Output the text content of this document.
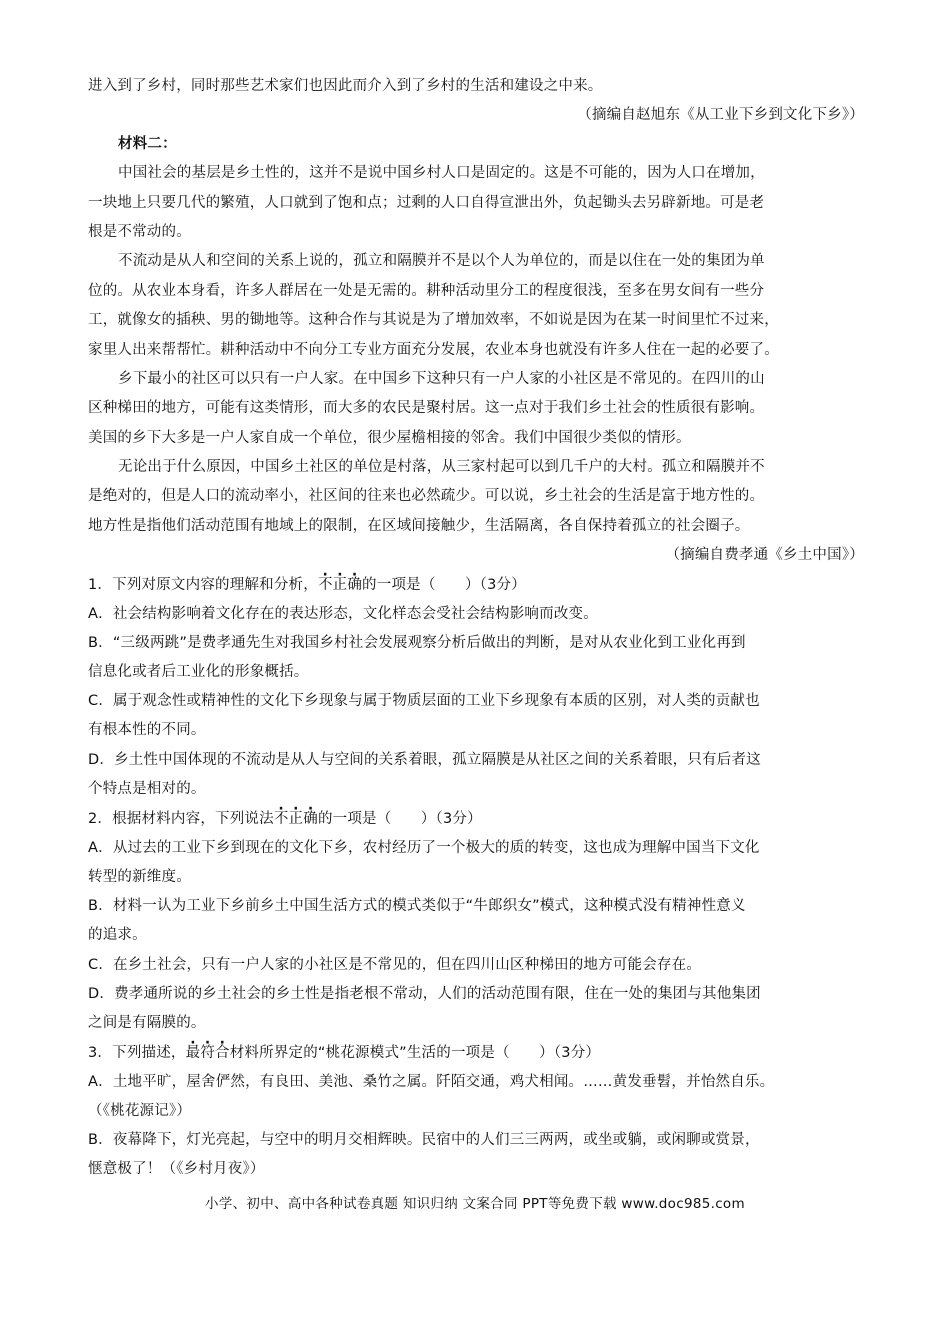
进入到了乡村，同时那些艺术家们也因此而介入到了乡村的生活和建设之中来。
（摘编自赵旭东《从工业下乡到文化下乡》）
材料二：
中国社会的基层是乡土性的，这并不是说中国乡村人口是固定的。这是不可能的，因为人口在增加，
一块地上只要几代的繁殖，人口就到了饱和点；过剩的人口自得宣泄出外，负起锄头去另辟新地。可是老
根是不常动的。
不流动是从人和空间的关系上说的，孤立和隔膜并不是以个人为单位的，而是以住在一处的集团为单
位的。从农业本身看，许多人群居在一处是无需的。耕种活动里分工的程度很浅，至多在男女间有一些分
工，就像女的插秧、男的锄地等。这种合作与其说是为了增加效率，不如说是因为在某一时间里忙不过来，
家里人出来帮帮忙。耕种活动中不向分工专业方面充分发展，农业本身也就没有许多人住在一起的必要了。
乡下最小的社区可以只有一户人家。在中国乡下这种只有一户人家的小社区是不常见的。在四川的山
区种梯田的地方，可能有这类情形，而大多的农民是聚村居。这一点对于我们乡土社会的性质很有影响。
美国的乡下大多是一户人家自成一个单位，很少屋檐相接的邻舍。我们中国很少类似的情形。
无论出于什么原因，中国乡土社区的单位是村落，从三家村起可以到几千户的大村。孤立和隔膜并不
是绝对的，但是人口的流动率小，社区间的往来也必然疏少。可以说，乡土社会的生活是富于地方性的。
地方性是指他们活动范围有地域上的限制，在区域间接触少，生活隔离，各自保持着孤立的社会圈子。
（摘编自费孝通《乡土中国》）
1．下列对原文内容的理解和分析，不正确的一项是（　　）（3分）
A．社会结构影响着文化存在的表达形态，文化样态会受社会结构影响而改变。
B．“三级两跳”是费孝通先生对我国乡村社会发展观察分析后做出的判断，是对从农业化到工业化再到
信息化或者后工业化的形象概括。
C．属于观念性或精神性的文化下乡现象与属于物质层面的工业下乡现象有本质的区别，对人类的贡献也
有根本性的不同。
D．乡土性中国体现的不流动是从人与空间的关系着眼，孤立隔膜是从社区之间的关系着眼，只有后者这
个特点是相对的。
2．根据材料内容，下列说法不正确的一项是（　　）（3分）
A．从过去的工业下乡到现在的文化下乡，农村经历了一个极大的质的转变，这也成为理解中国当下文化
转型的新维度。
B．材料一认为工业下乡前乡土中国生活方式的模式类似于“牛郎织女”模式，这种模式没有精神性意义
的追求。
C．在乡土社会，只有一户人家的小社区是不常见的，但在四川山区种梯田的地方可能会存在。
D．费孝通所说的乡土社会的乡土性是指老根不常动，人们的活动范围有限，住在一处的集团与其他集团
之间是有隔膜的。
3．下列描述，最符合材料所界定的“桃花源模式”生活的一项是（　　）（3分）
A．土地平旷，屋舍俨然，有良田、美池、桑竹之属。阡陌交通，鸡犬相闻。……黄发垂髫，并怡然自乐。
（《桃花源记》）
B．夜幕降下，灯光亮起，与空中的明月交相辉映。民宿中的人们三三两两，或坐或躺，或闲聊或赏景，
惬意极了！（《乡村月夜》）
小学、初中、高中各种试卷真题 知识归纳 文案合同 PPT等免费下载 www.doc985.com
